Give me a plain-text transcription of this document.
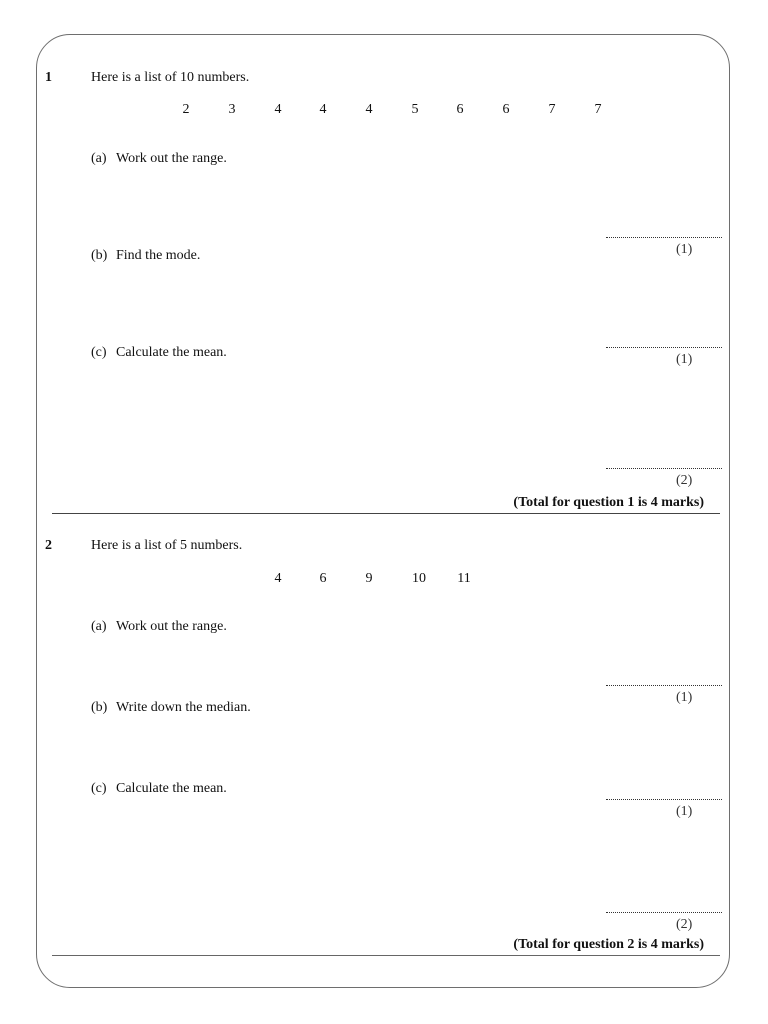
1	Here is a list of 10 numbers.
2	3	4	4	4	5	6	6	7	7
(a) Work out the range.
(1)
(b) Find the mode.
(1)
(c) Calculate the mean.
(2)
(Total for question 1 is 4 marks)
2	Here is a list of 5 numbers.
4	6	9	10	11
(a) Work out the range.
(1)
(b) Write down the median.
(1)
(c) Calculate the mean.
(2)
(Total for question 2 is 4 marks)
